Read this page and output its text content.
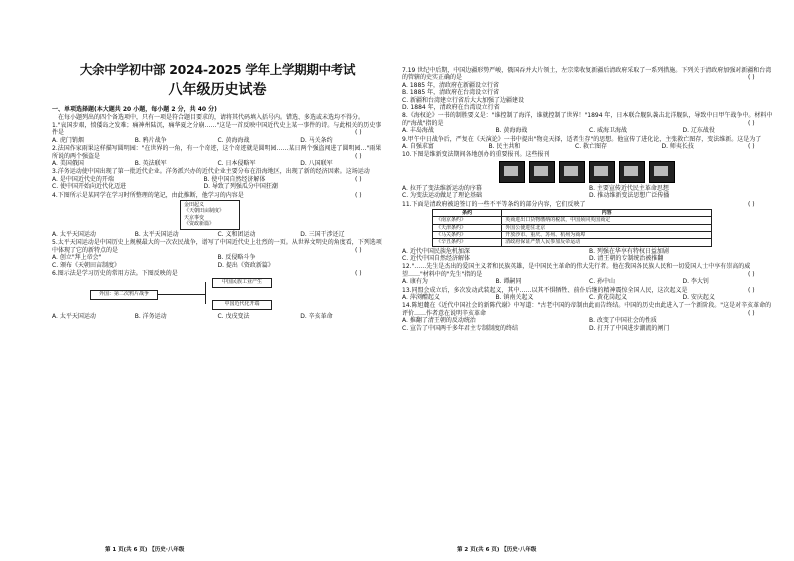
大余中学初中部 2024-2025 学年上学期期中考试
八年级历史试卷
一、单项选择题(本大题共 20 小题，每小题 2 分，共 40 分)
在每小题列出的四个备选项中，只有一项是符合题目要求的，请将其代码填入括号内。错选、多选或未选均不得分。
1."哀国步艰，愤倭岛之发难；痛神州陆沉，痛华夏之分崩……"这是一首反映中国近代史上某一事件的诗。与此相关的历史事件是	( )
A. 虎门销烟	B. 鸦片战争	C. 黄海海战	D. 马关条约
2.法国作家雨果这样描写圆明园："在世界的一角，有一个奇迹，这个奇迹就是圆明园……某日两个强盗闯进了圆明园…"雨果所说的两个强盗是	( )
A. 美国俄国	B. 英法联军	C. 日本侵略军	D. 八国联军
3.洋务运动使中国出现了第一批近代企业。洋务派兴办的近代企业主要分布在沿海地区，出现了新的经济因素。这场运动
( )
A. 是中国近代史的开端	B. 使中国自然经济解体
C. 使中国开始向近代化迈进	D. 导致了列强瓜分中国狂潮
4.下图所示是某同学在学习时所整理的笔记，由此推断，他学习的内容是	( )
金田起义
《天朝田亩制度》
天京事变
《资政新篇》
A. 太平天国运动	B. 太平天国运动	C. 义和团运动	D. 三国干涉还辽
5.太平天国运动是中国历史上规模最大的一次农民战争，谱写了中国近代史上壮烈的一页。从世界文明史的角度看，下列选项中体现了它的新特点的是	( )
A. 创立"拜上帝会"	B. 反侵略斗争
C. 颁布《天朝田亩制度》	D. 提出《资政新篇》
6.图示法是学习历史的常用方法。下图反映的是	( )
外国：第二次鸦片战争
中国民族工业产生
中国近代化开端
A. 太平天国运动	B. 洋务运动	C. 戊戌变法	D. 辛亥革命
第 1 页(共 6 页) 【历史·八年级
7.19 世纪中后期，中国边疆形势严峻，俄国吞并大片领土，左宗棠收复新疆后清政府采取了一系列措施。下列关于清政府加强对新疆和台湾的管辖的史实正确的是	( )
A. 1885 年，清政府在新疆设立行省
B. 1885 年，清政府在台湾设立行省
C. 新疆和台湾建立行省后大大加强了边疆建设
D. 1884 年，清政府在台湾设立行省
8.《海权论》一书的制胜要义是："谁控制了海洋，谁就控制了世界！"1894 年，日本联合舰队袭击北洋舰队，导致中日甲午战争中。材料中的"海战"指的是	( )
A. 丰岛海战	B. 黄海海战	C. 威海卫海战	D. 辽东战役
9.甲午中日战争后，严复在《天演论》一书中提出"物竞天择，适者生存"的思想。他宣传了进化论，主张救亡图存，变法维新。这是为了
( )
A. 自强求富	B. 民主共和	C. 救亡图存	D. 师夷长技
10.下图是维新变法期间各地创办的重要报刊。这些报刊
A. 拉开了变法维新运动的序幕	B. 主要宣传近代民主革命思想
C. 为变法运动做足了理论基础	D. 推动维新变法思想广泛传播
11.下面是清政府被迫签订的一些不平等条约的部分内容，它们反映了	( )
条约	内容
《南京条约》	英商进出口货物缴纳的税款，中国须同英国商定
《天津条约》	外国公使进驻北京
《马关条约》	开放沙市、重庆、苏州、杭州为商埠
《辛丑条约》	清政府保证严禁人民参加反帝运动
A. 近代中国民族危机加深	B. 列强在华享有特权日益加剧
C. 近代中国自然经济解体	D. 清王朝的专制统治被推翻
12."……先生是杰出的爱国主义者和民族英雄，是中国民主革命的伟大先行者。他在我国各民族人民和一切爱国人士中享有崇高的威望……"材料中的"先生"指的是	( )
A. 康有为	B. 谭嗣同	C. 孙中山	D. 李大钊
13.同盟会成立后，多次发动武装起义，其中……以其不惧牺牲、前仆后继的精神震惊全国人民，这次起义是	( )
A. 萍浏醴起义	B. 镇南关起义	C. 黄花岗起义	D. 安庆起义
14.陈旭麓在《近代中国社会的新陈代谢》中写道："古老中国的帝制由此而告终结。中国的历史由此进入了一个新阶段。"这是对辛亥革命的评价……作者意在说明辛亥革命	( )
A. 推翻了清王朝的反动统治	B. 改变了中国社会的性质
C. 宣告了中国两千多年君主专制制度的终结	D. 打开了中国进步潮流的闸门
第 2 页(共 6 页) 【历史·八年级
